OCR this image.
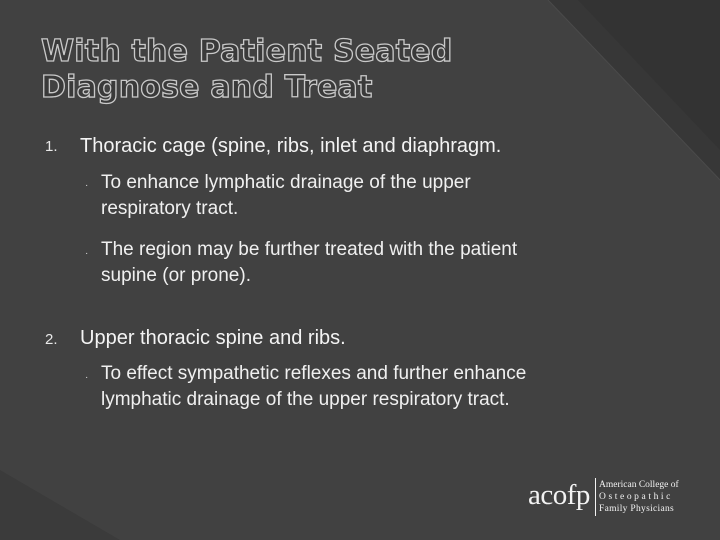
With the Patient Seated
Diagnose and Treat
1. Thoracic cage (spine, ribs, inlet and diaphragm.
· To enhance lymphatic drainage of the upper respiratory tract.
· The region may be further treated with the patient supine (or prone).
2. Upper thoracic spine and ribs.
· To effect sympathetic reflexes and further enhance lymphatic drainage of the upper respiratory tract.
acofp American College of
Osteopathic
Family Physicians
